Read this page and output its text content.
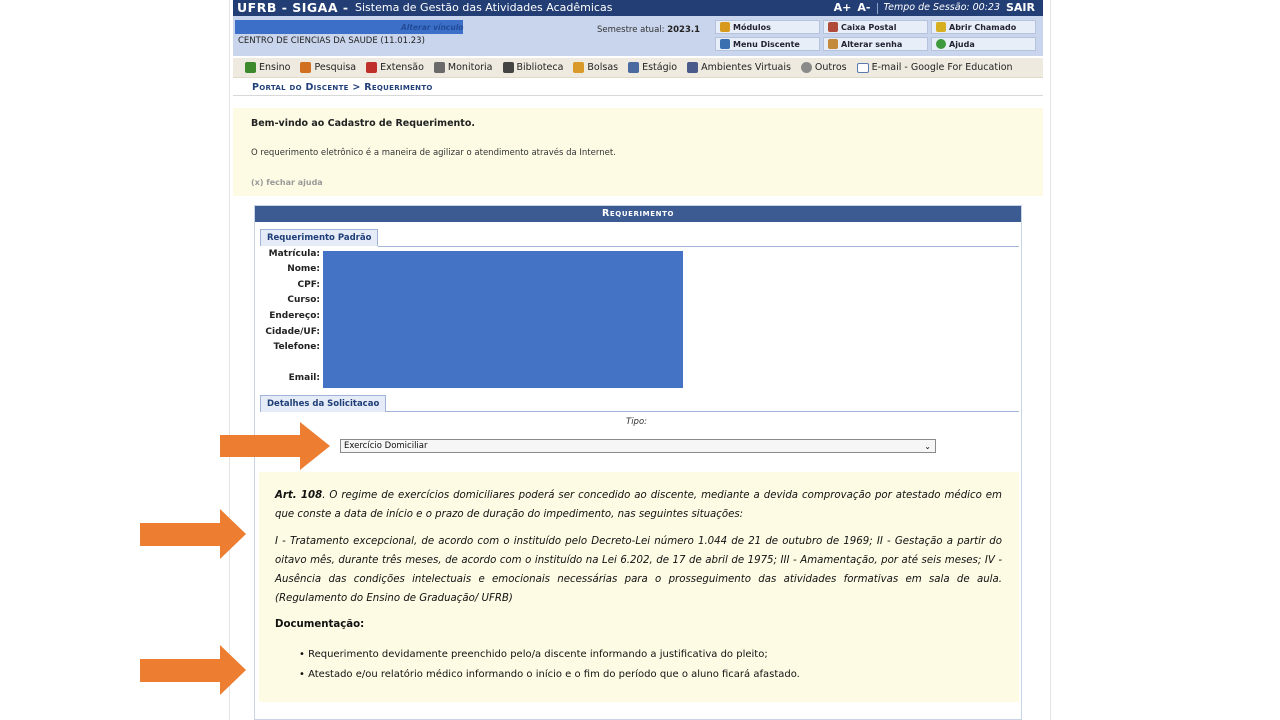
UFRB - SIGAA - Sistema de Gestão das Atividades Acadêmicas	A+ A- Tempo de Sessão: 00:23 SAIR
Alterar vínculo
CENTRO DE CIENCIAS DA SAUDE (11.01.23)
Semestre atual: 2023.1	Módulos	Caixa Postal	Abrir Chamado
Menu Discente	Alterar senha	Ajuda
Ensino	Pesquisa	Extensão	Monitoria	Biblioteca	Bolsas	Estágio	Ambientes Virtuais	Outros	E-mail - Google For Education
Portal do Discente > Requerimento
Bem-vindo ao Cadastro de Requerimento.
O requerimento eletrônico é a maneira de agilizar o atendimento através da Internet.
(x) fechar ajuda
Requerimento
Requerimento Padrão
Matrícula:
Nome:
CPF:
Curso:
Endereço:
Cidade/UF:
Telefone:
Email:
Detalhes da Solicitacao
Tipo:
Exercício Domiciliar	⌄
Art. 108. O regime de exercícios domiciliares poderá ser concedido ao discente, mediante a devida comprovação por atestado médico em que conste a data de início e o prazo de duração do impedimento, nas seguintes situações:
I - Tratamento excepcional, de acordo com o instituído pelo Decreto-Lei número 1.044 de 21 de outubro de 1969; II - Gestação a partir do oitavo mês, durante três meses, de acordo com o instituído na Lei 6.202, de 17 de abril de 1975; III - Amamentação, por até seis meses; IV - Ausência das condições intelectuais e emocionais necessárias para o prosseguimento das atividades formativas em sala de aula. (Regulamento do Ensino de Graduação/ UFRB)
Documentação:
• Requerimento devidamente preenchido pelo/a discente informando a justificativa do pleito;
• Atestado e/ou relatório médico informando o início e o fim do período que o aluno ficará afastado.
